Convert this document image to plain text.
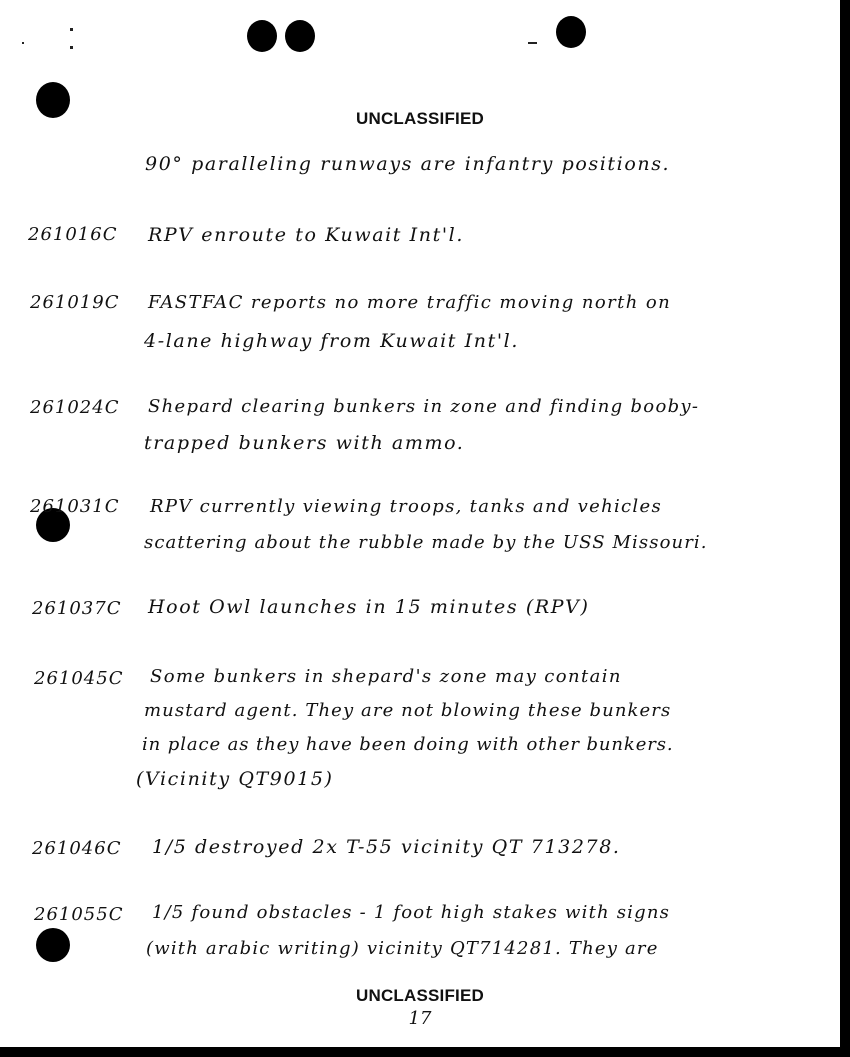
UNCLASSIFIED
90° paralleling runways are infantry positions.
261016C RPV enroute to Kuwait Int'l.
261019C FASTFAC reports no more traffic moving north on
4-lane highway from Kuwait Int'l.
261024C Shepard clearing bunkers in zone and finding booby-
trapped bunkers with ammo.
261031C RPV currently viewing troops, tanks and vehicles
scattering about the rubble made by the USS Missouri.
261037C Hoot Owl launches in 15 minutes (RPV)
261045C Some bunkers in shepard's zone may contain
mustard agent. They are not blowing these bunkers
in place as they have been doing with other bunkers.
(Vicinity QT9015)
261046C 1/5 destroyed 2x T-55 vicinity QT 713278.
261055C 1/5 found obstacles - 1 foot high stakes with signs
(with arabic writing) vicinity QT714281. They are
UNCLASSIFIED
17
